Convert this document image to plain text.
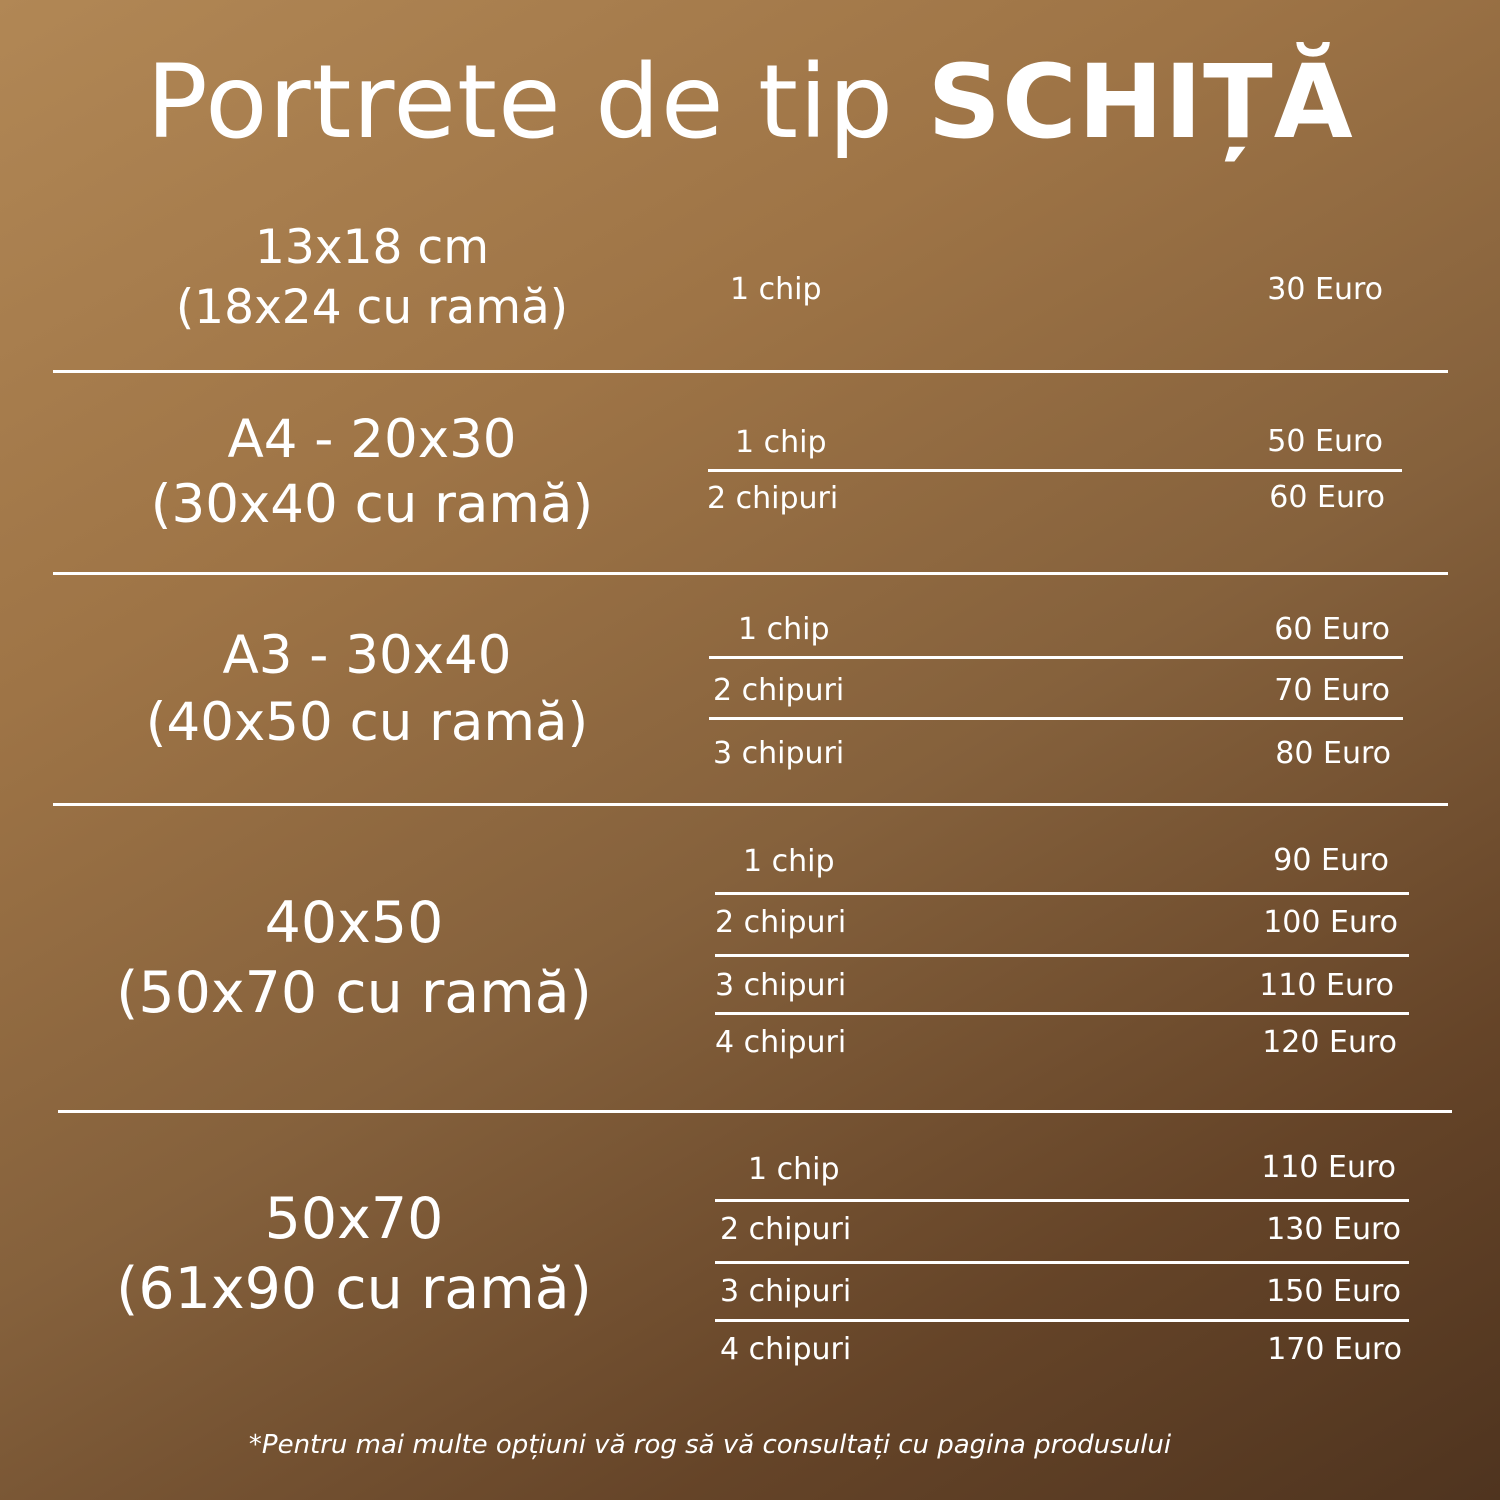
Portrete de tip SCHIȚĂ
13x18 cm
(18x24 cu ramă)	1 chip	30 Euro
A4 - 20x30
(30x40 cu ramă)
1 chip	50 Euro
2 chipuri	60 Euro
A3 - 30x40
(40x50 cu ramă)
1 chip	60 Euro
2 chipuri	70 Euro
3 chipuri	80 Euro
40x50
(50x70 cu ramă)
1 chip	90 Euro
2 chipuri	100 Euro
3 chipuri	110 Euro
4 chipuri	120 Euro
50x70
(61x90 cu ramă)
1 chip	110 Euro
2 chipuri	130 Euro
3 chipuri	150 Euro
4 chipuri	170 Euro
*Pentru mai multe opțiuni vă rog să vă consultați cu pagina produsului
